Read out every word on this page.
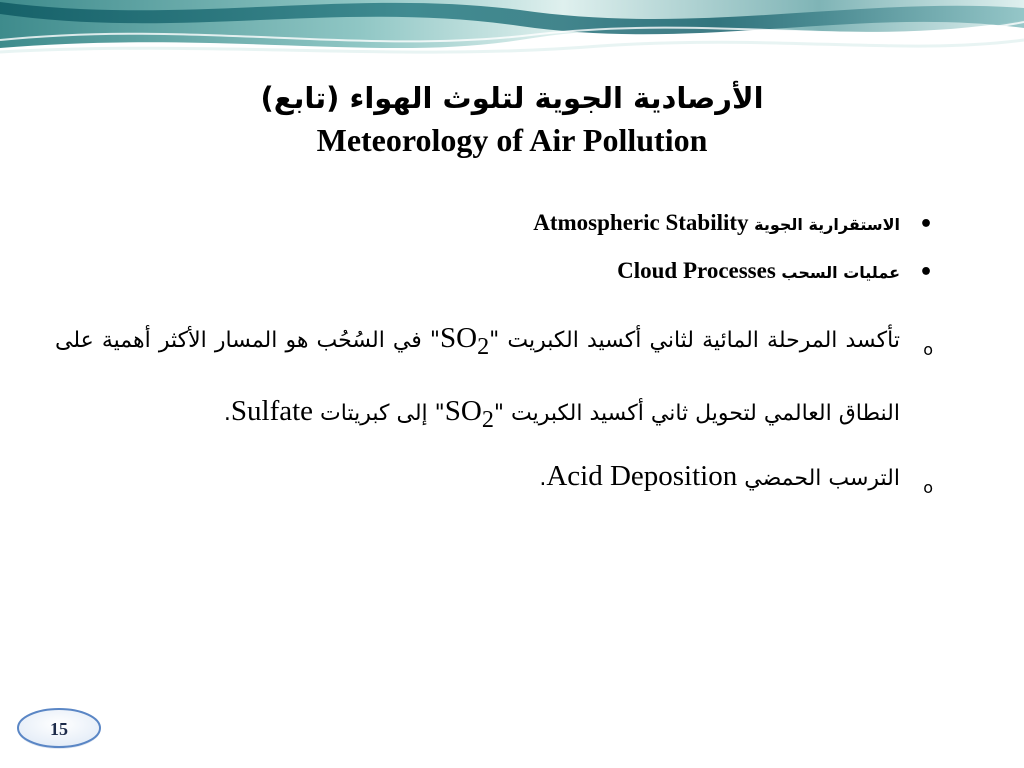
الأرصادية الجوية لتلوث الهواء (تابع)
Meteorology of Air Pollution
•
الاستقرارية الجوية Atmospheric Stability
•
عمليات السحب Cloud Processes
o
تأكسد المرحلة المائية لثاني أكسيد الكبريت "$SO_2$" في السُحُب هو المسار الأكثر أهمية على النطاق العالمي لتحويل ثاني أكسيد الكبريت "$SO_2$" إلى كبريتات Sulfate.
o
الترسب الحمضي Acid Deposition.
15
